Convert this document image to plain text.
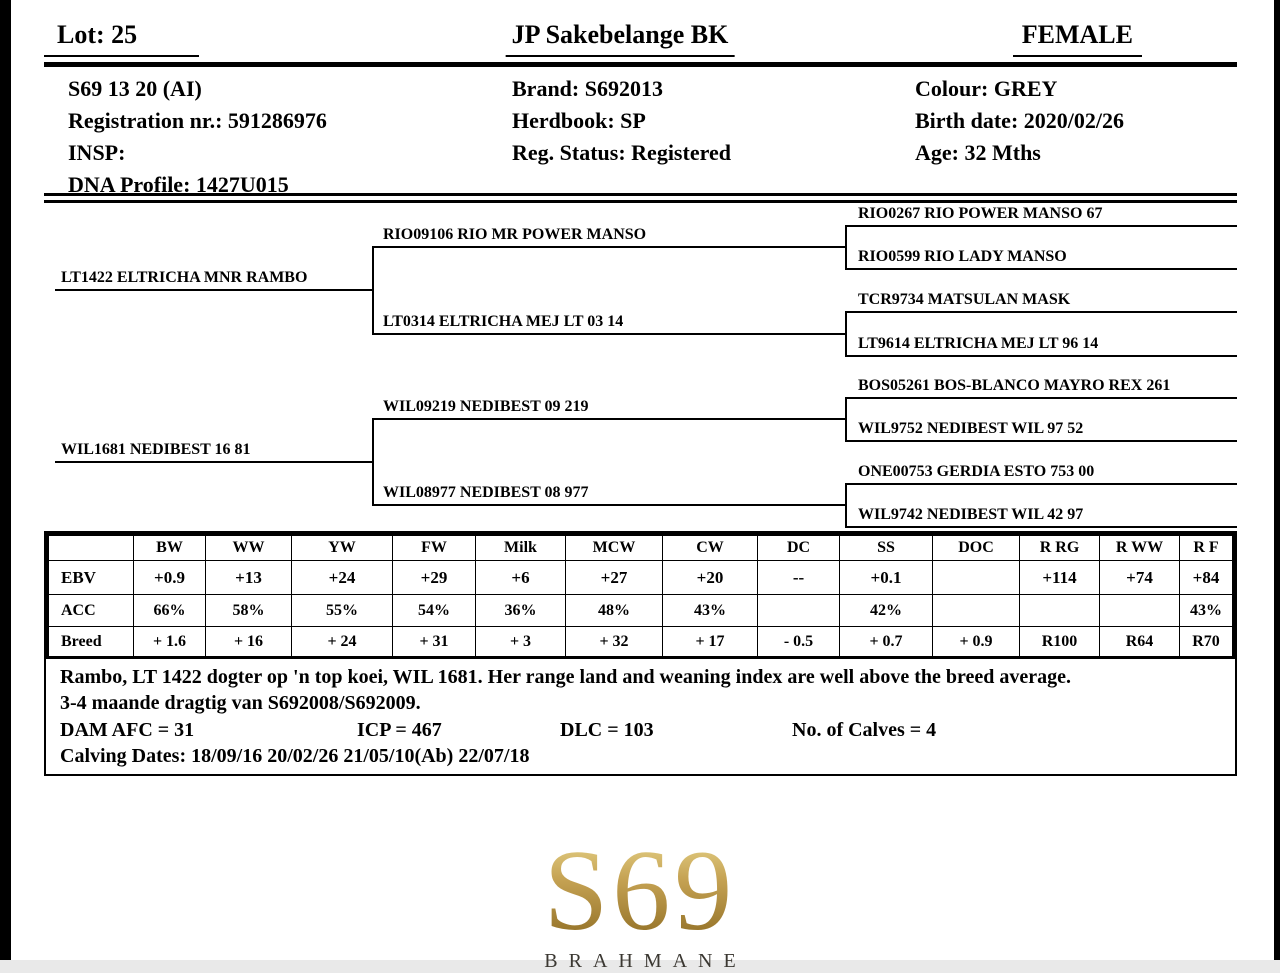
Lot: 25	JP Sakebelange BK	FEMALE
S69 13 20 (AI)
Registration nr.: 591286976
INSP:
DNA Profile: 1427U015
Brand: S692013
Herdbook: SP
Reg. Status: Registered
Colour: GREY
Birth date: 2020/02/26
Age: 32 Mths
LT1422 ELTRICHA MNR RAMBO
WIL1681 NEDIBEST 16 81
RIO09106 RIO MR POWER MANSO
LT0314 ELTRICHA MEJ LT 03 14
WIL09219 NEDIBEST 09 219
WIL08977 NEDIBEST 08 977
RIO0267 RIO POWER MANSO 67
RIO0599 RIO LADY MANSO
TCR9734 MATSULAN MASK
LT9614 ELTRICHA MEJ LT 96 14
BOS05261 BOS-BLANCO MAYRO REX 261
WIL9752 NEDIBEST WIL 97 52
ONE00753 GERDIA ESTO 753 00
WIL9742 NEDIBEST WIL 42 97
	BW	WW	YW	FW	Milk	MCW	CW	DC	SS	DOC	R RG	R WW	R F
EBV	+0.9	+13	+24	+29	+6	+27	+20	--	+0.1		+114	+74	+84
ACC	66%	58%	55%	54%	36%	48%	43%		42%				43%
Breed	+ 1.6	+ 16	+ 24	+ 31	+ 3	+ 32	+ 17	- 0.5	+ 0.7	+ 0.9	R100	R64	R70
Rambo, LT 1422 dogter op 'n top koei, WIL 1681. Her range land and weaning index are well above the breed average.
3-4 maande dragtig van S692008/S692009.
DAM AFC = 31	ICP = 467	DLC = 103	No. of Calves = 4
Calving Dates: 18/09/16 20/02/26 21/05/10(Ab) 22/07/18
S69
BRAHMANE
